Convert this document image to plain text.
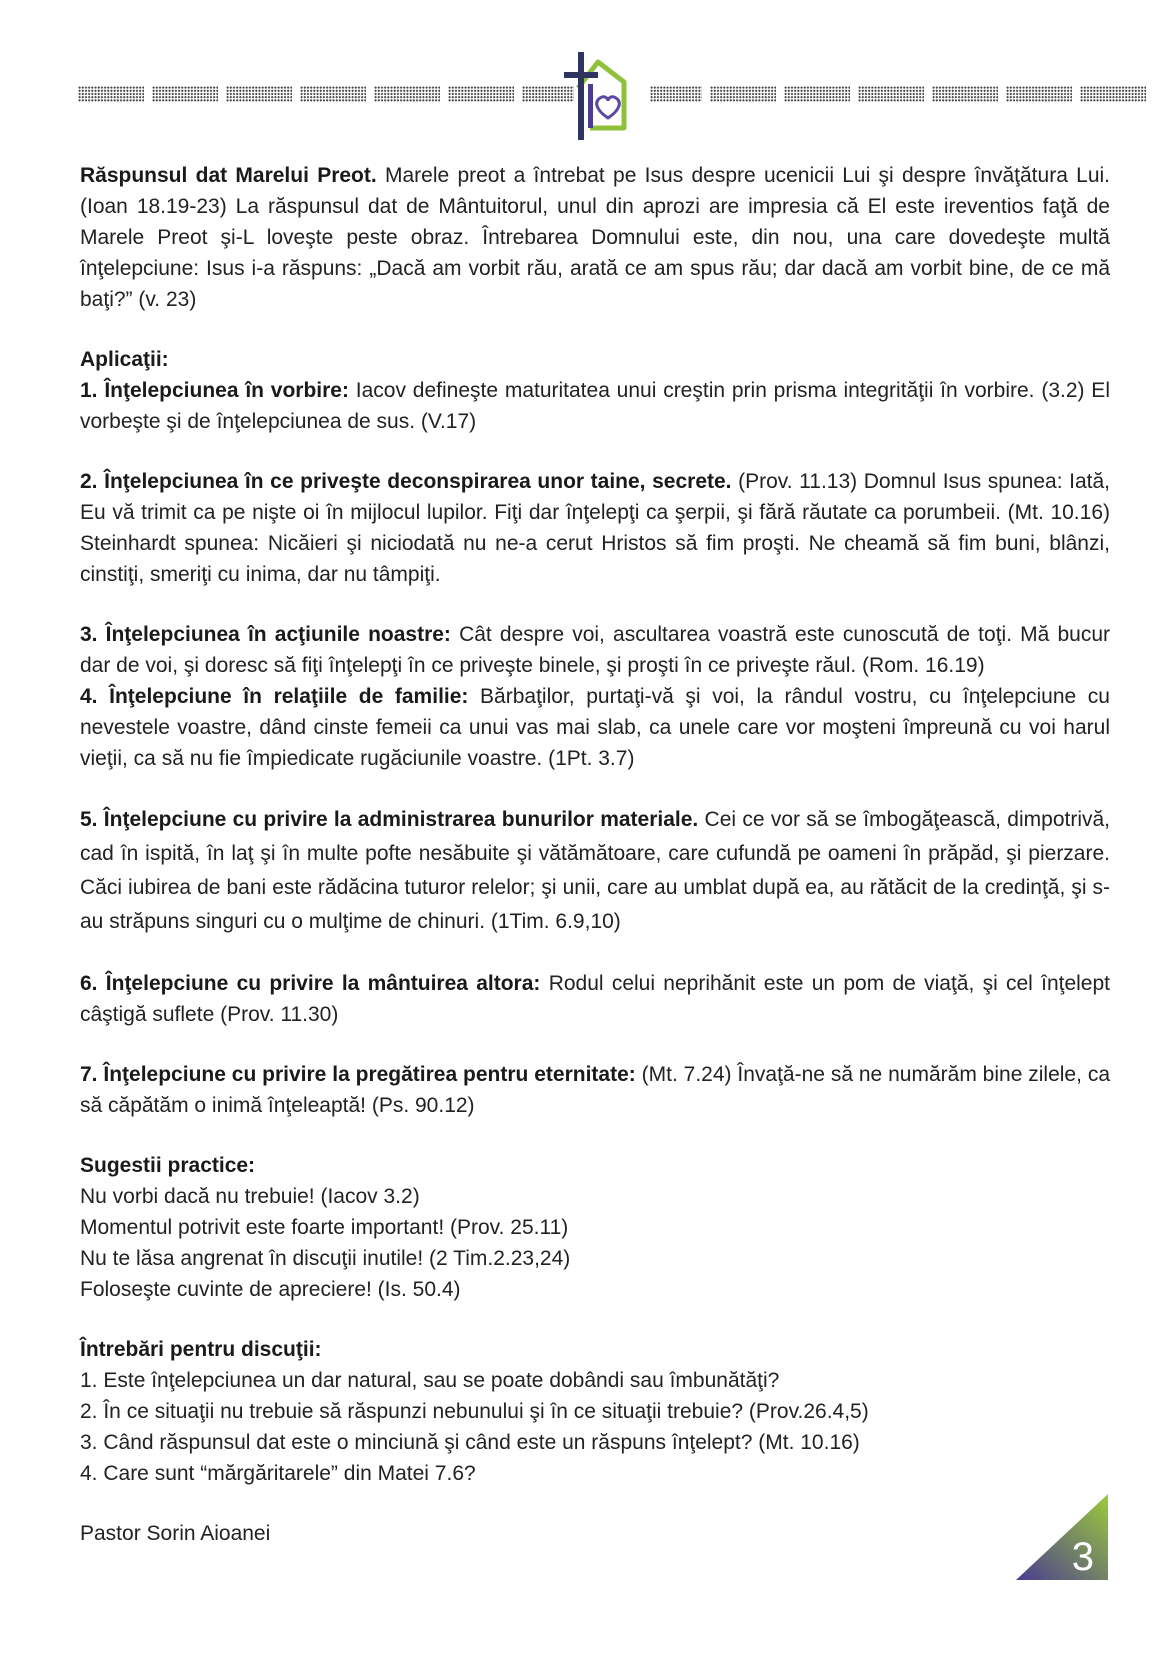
Răspunsul dat Marelui Preot. Marele preot a întrebat pe Isus despre ucenicii Lui şi despre învăţătura Lui. (Ioan 18.19-23) La răspunsul dat de Mântuitorul, unul din aprozi are impresia că El este ireventios faţă de Marele Preot şi-L loveşte peste obraz. Întrebarea Domnului este, din nou, una care dovedeşte multă înţelepciune: Isus i-a răspuns: „Dacă am vorbit rău, arată ce am spus rău; dar dacă am vorbit bine, de ce mă baţi?” (v. 23)

Aplicaţii:

1. Înţelepciunea în vorbire: Iacov defineşte maturitatea unui creştin prin prisma integrităţii în vorbire. (3.2) El vorbeşte şi de înţelepciunea de sus. (V.17)

2. Înţelepciunea în ce priveşte deconspirarea unor taine, secrete. (Prov. 11.13) Domnul Isus spunea: Iată, Eu vă trimit ca pe nişte oi în mijlocul lupilor. Fiţi dar înţelepţi ca şerpii, şi fără răutate ca porumbeii. (Mt. 10.16) Steinhardt spunea: Nicăieri şi niciodată nu ne-a cerut Hristos să fim proşti. Ne cheamă să fim buni, blânzi, cinstiţi, smeriţi cu inima, dar nu tâmpiţi.

3. Înţelepciunea în acţiunile noastre: Cât despre voi, ascultarea voastră este cunoscută de toţi. Mă bucur dar de voi, şi doresc să fiţi înţelepţi în ce priveşte binele, şi proşti în ce priveşte răul. (Rom. 16.19)

4. Înţelepciune în relaţiile de familie: Bărbaţilor, purtaţi-vă şi voi, la rândul vostru, cu înţelepciune cu nevestele voastre, dând cinste femeii ca unui vas mai slab, ca unele care vor moşteni împreună cu voi harul vieţii, ca să nu fie împiedicate rugăciunile voastre. (1Pt. 3.7)

5. Înţelepciune cu privire la administrarea bunurilor materiale. Cei ce vor să se îmbogăţească, dimpotrivă, cad în ispită, în laţ şi în multe pofte nesăbuite şi vătămătoare, care cufundă pe oameni în prăpăd, şi pierzare. Căci iubirea de bani este rădăcina tuturor relelor; şi unii, care au umblat după ea, au rătăcit de la credinţă, şi s-au străpuns singuri cu o mulţime de chinuri. (1Tim. 6.9,10)

6. Înţelepciune cu privire la mântuirea altora: Rodul celui neprihănit este un pom de viaţă, şi cel înţelept câştigă suflete (Prov. 11.30)

7. Înţelepciune cu privire la pregătirea pentru eternitate: (Mt. 7.24) Învaţă-ne să ne numărăm bine zilele, ca să căpătăm o inimă înţeleaptă! (Ps. 90.12)

Sugestii practice:

Nu vorbi dacă nu trebuie! (Iacov 3.2)

Momentul potrivit este foarte important! (Prov. 25.11)

Nu te lăsa angrenat în discuţii inutile! (2 Tim.2.23,24)

Foloseşte cuvinte de apreciere! (Is. 50.4)

Întrebări pentru discuţii:

1. Este înţelepciunea un dar natural, sau se poate dobândi sau îmbunătăţi?

2. În ce situaţii nu trebuie să răspunzi nebunului şi în ce situaţii trebuie? (Prov.26.4,5)

3. Când răspunsul dat este o minciună şi când este un răspuns înţelept? (Mt. 10.16)

4. Care sunt “mărgăritarele” din Matei 7.6?

Pastor Sorin Aioanei

3
